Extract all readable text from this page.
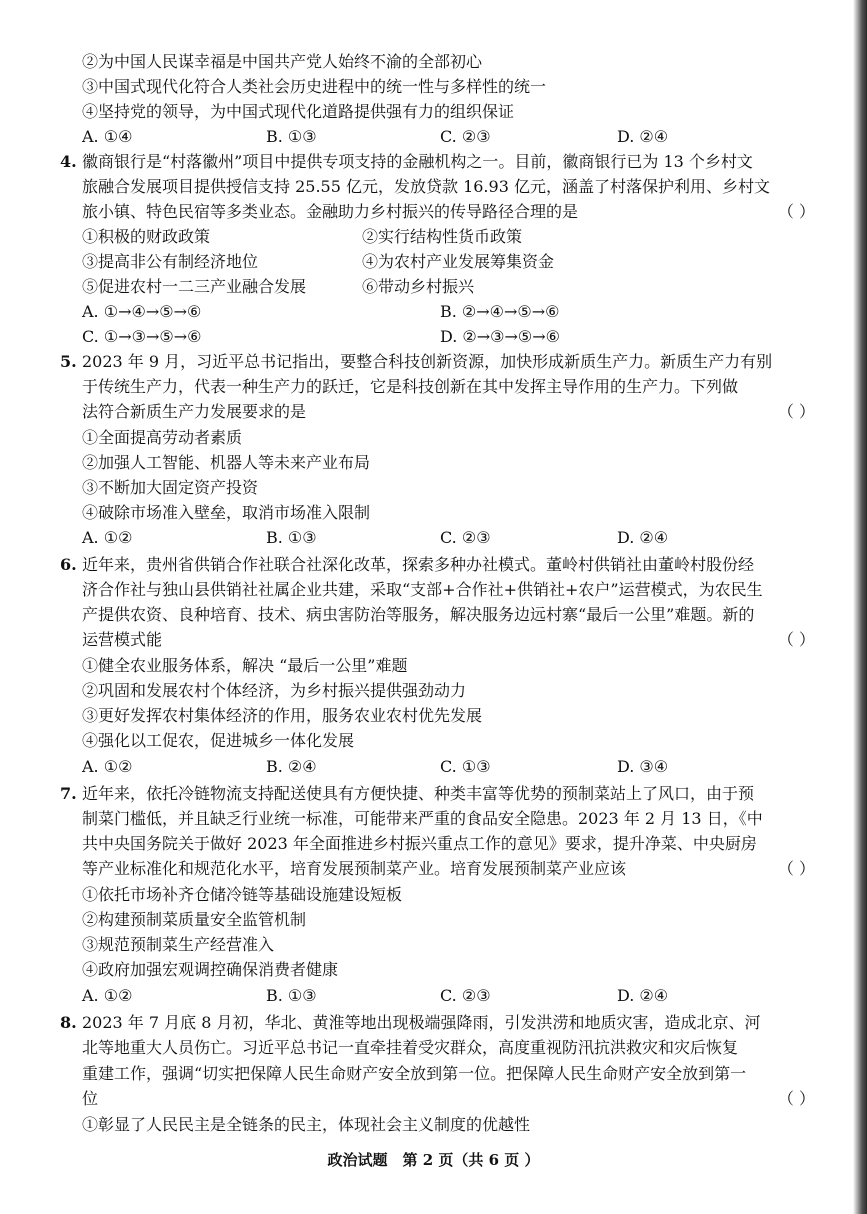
②为中国人民谋幸福是中国共产党人始终不渝的全部初心
③中国式现代化符合人类社会历史进程中的统一性与多样性的统一
④坚持党的领导，为中国式现代化道路提供强有力的组织保证
A. ①④	B. ①③	C. ②③	D. ②④
4. 徽商银行是“村落徽州”项目中提供专项支持的金融机构之一。目前，徽商银行已为 13 个乡村文
旅融合发展项目提供授信支持 25.55 亿元，发放贷款 16.93 亿元，涵盖了村落保护利用、乡村文
旅小镇、特色民宿等多类业态。金融助力乡村振兴的传导路径合理的是	（ ）
①积极的财政政策	②实行结构性货币政策
③提高非公有制经济地位	④为农村产业发展筹集资金
⑤促进农村一二三产业融合发展	⑥带动乡村振兴
A. ①→④→⑤→⑥	B. ②→④→⑤→⑥
C. ①→③→⑤→⑥	D. ②→③→⑤→⑥
5. 2023 年 9 月，习近平总书记指出，要整合科技创新资源，加快形成新质生产力。新质生产力有别
于传统生产力，代表一种生产力的跃迁，它是科技创新在其中发挥主导作用的生产力。下列做
法符合新质生产力发展要求的是	（ ）
①全面提高劳动者素质
②加强人工智能、机器人等未来产业布局
③不断加大固定资产投资
④破除市场准入壁垒，取消市场准入限制
A. ①②	B. ①③	C. ②③	D. ②④
6. 近年来，贵州省供销合作社联合社深化改革，探索多种办社模式。董岭村供销社由董岭村股份经
济合作社与独山县供销社社属企业共建，采取“支部+合作社+供销社+农户”运营模式，为农民生
产提供农资、良种培育、技术、病虫害防治等服务，解决服务边远村寨“最后一公里”难题。新的
运营模式能	（ ）
①健全农业服务体系，解决 “最后一公里”难题
②巩固和发展农村个体经济，为乡村振兴提供强劲动力
③更好发挥农村集体经济的作用，服务农业农村优先发展
④强化以工促农，促进城乡一体化发展
A. ①②	B. ②④	C. ①③	D. ③④
7. 近年来，依托冷链物流支持配送使具有方便快捷、种类丰富等优势的预制菜站上了风口，由于预
制菜门槛低，并且缺乏行业统一标准，可能带来严重的食品安全隐患。2023 年 2 月 13 日，《中
共中央国务院关于做好 2023 年全面推进乡村振兴重点工作的意见》要求，提升净菜、中央厨房
等产业标准化和规范化水平，培育发展预制菜产业。培育发展预制菜产业应该	（ ）
①依托市场补齐仓储冷链等基础设施建设短板
②构建预制菜质量安全监管机制
③规范预制菜生产经营准入
④政府加强宏观调控确保消费者健康
A. ①②	B. ①③	C. ②③	D. ②④
8. 2023 年 7 月底 8 月初，华北、黄淮等地出现极端强降雨，引发洪涝和地质灾害，造成北京、河
北等地重大人员伤亡。习近平总书记一直牵挂着受灾群众，高度重视防汛抗洪救灾和灾后恢复
重建工作，强调“切实把保障人民生命财产安全放到第一位。把保障人民生命财产安全放到第一
位	（ ）
①彰显了人民民主是全链条的民主，体现社会主义制度的优越性
政治试题　第 2 页（共 6 页 ）
